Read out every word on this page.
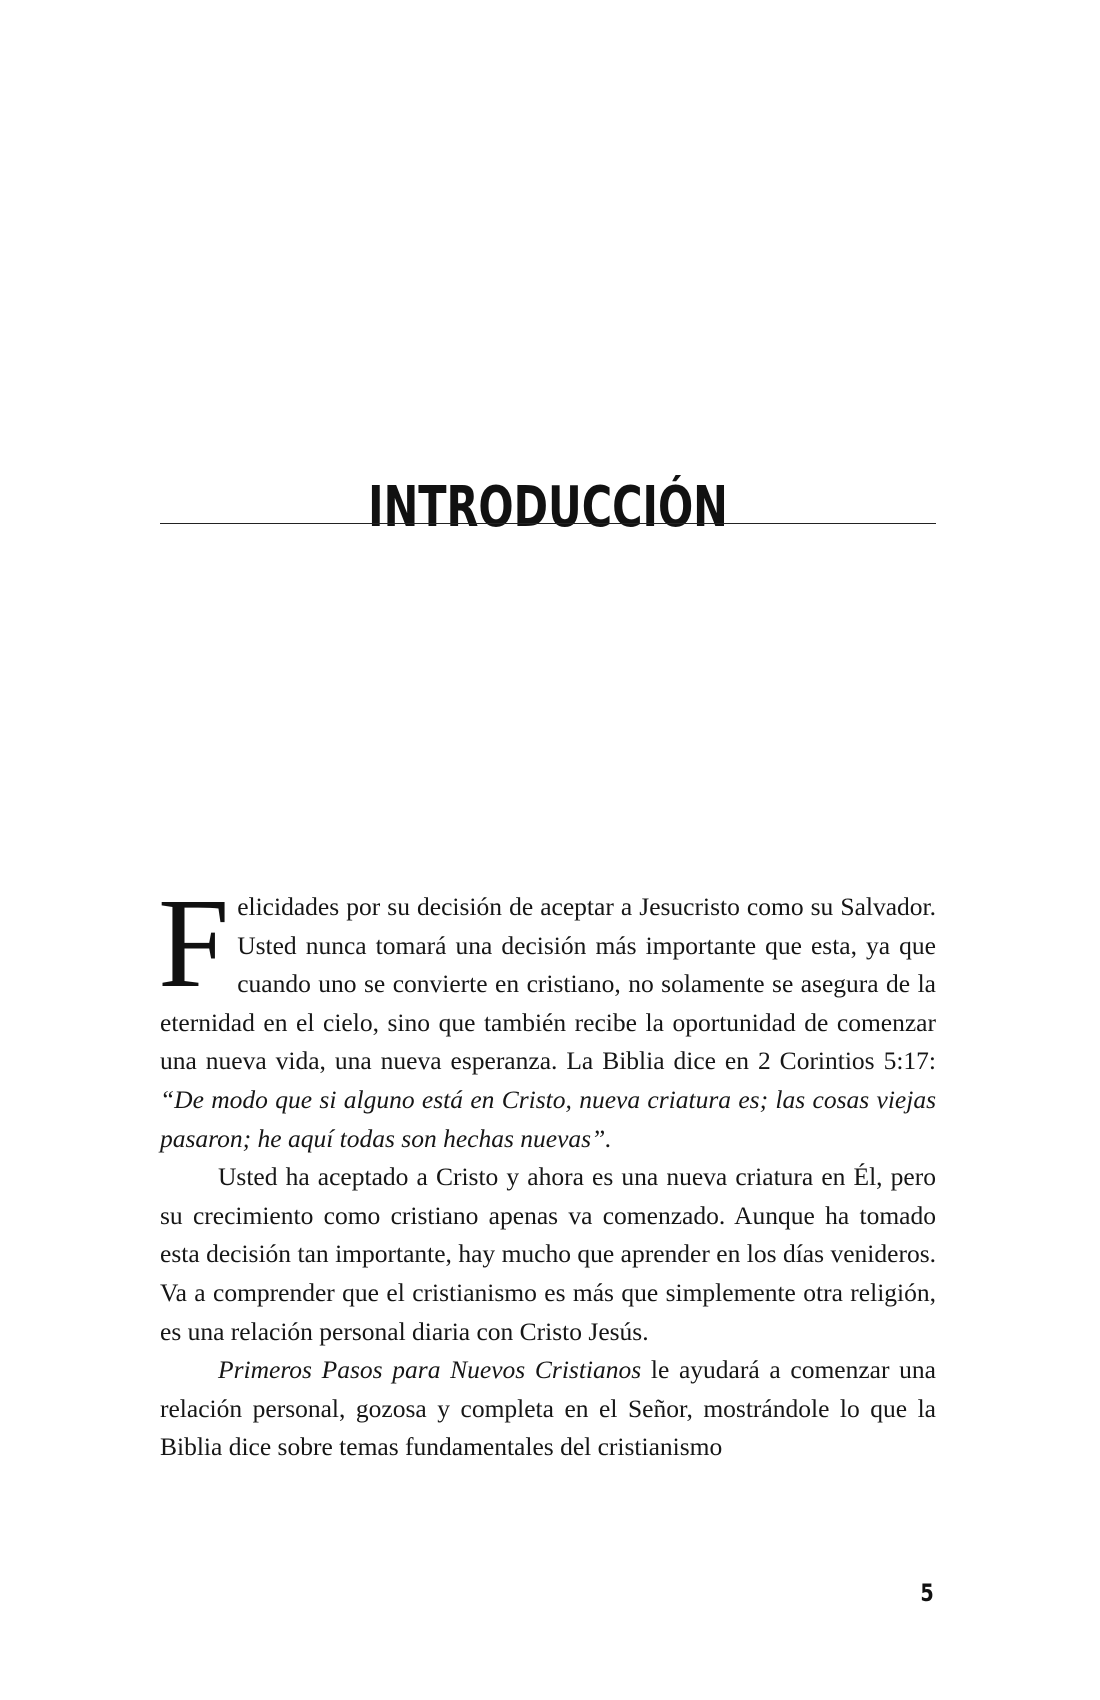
INTRODUCCIÓN

Felicidades por su decisión de aceptar a Jesucristo como su Salvador. Usted nunca tomará una decisión más importante que esta, ya que cuando uno se convierte en cristiano, no solamente se asegura de la eternidad en el cielo, sino que también recibe la oportunidad de comenzar una nueva vida, una nueva esperanza. La Biblia dice en 2 Corintios 5:17: “De modo que si alguno está en Cristo, nueva criatura es; las cosas viejas pasaron; he aquí todas son hechas nuevas”.

Usted ha aceptado a Cristo y ahora es una nueva criatura en Él, pero su crecimiento como cristiano apenas va comenzado. Aunque ha tomado esta decisión tan importante, hay mucho que aprender en los días venideros. Va a comprender que el cristianismo es más que simplemente otra religión, es una relación personal diaria con Cristo Jesús.

Primeros Pasos para Nuevos Cristianos le ayudará a comenzar una relación personal, gozosa y completa en el Señor, mostrándole lo que la Biblia dice sobre temas fundamentales del cristianismo

5
